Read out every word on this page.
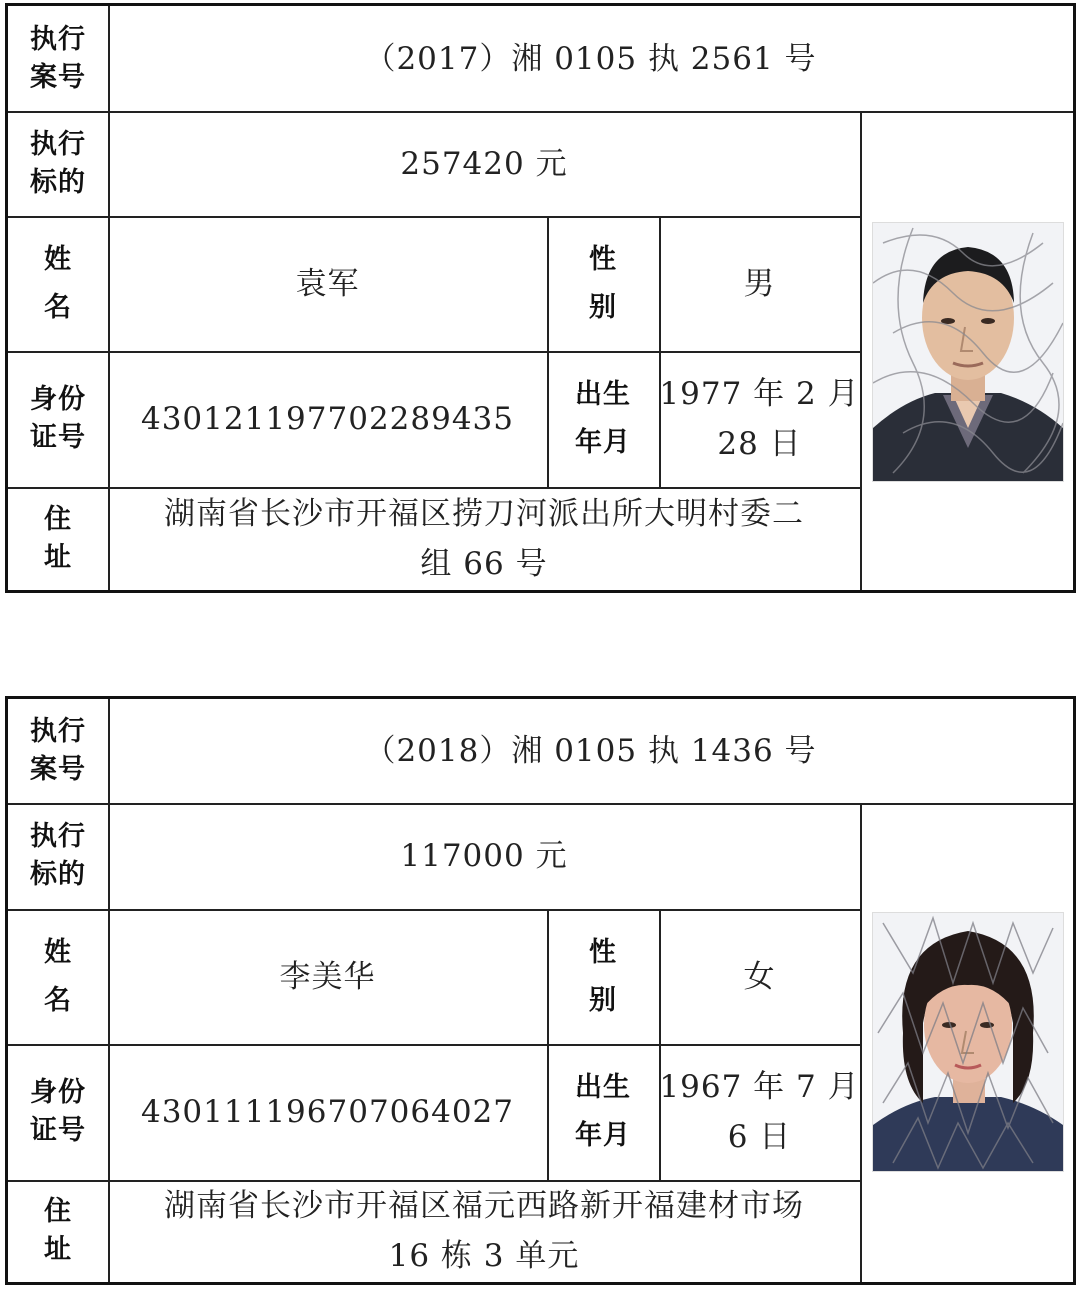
执行
案号
（2017）湘 0105 执 2561 号
执行
标的
257420 元
姓
名
袁军
性
别
男
身份
证号
430121197702289435
出生
年月
1977 年 2 月
28 日
住
址
湖南省长沙市开福区捞刀河派出所大明村委二
组 66 号
执行
案号
（2018）湘 0105 执 1436 号
执行
标的
117000 元
姓
名
李美华
性
别
女
身份
证号
430111196707064027
出生
年月
1967 年 7 月
6 日
住
址
湖南省长沙市开福区福元西路新开福建材市场
16 栋 3 单元
